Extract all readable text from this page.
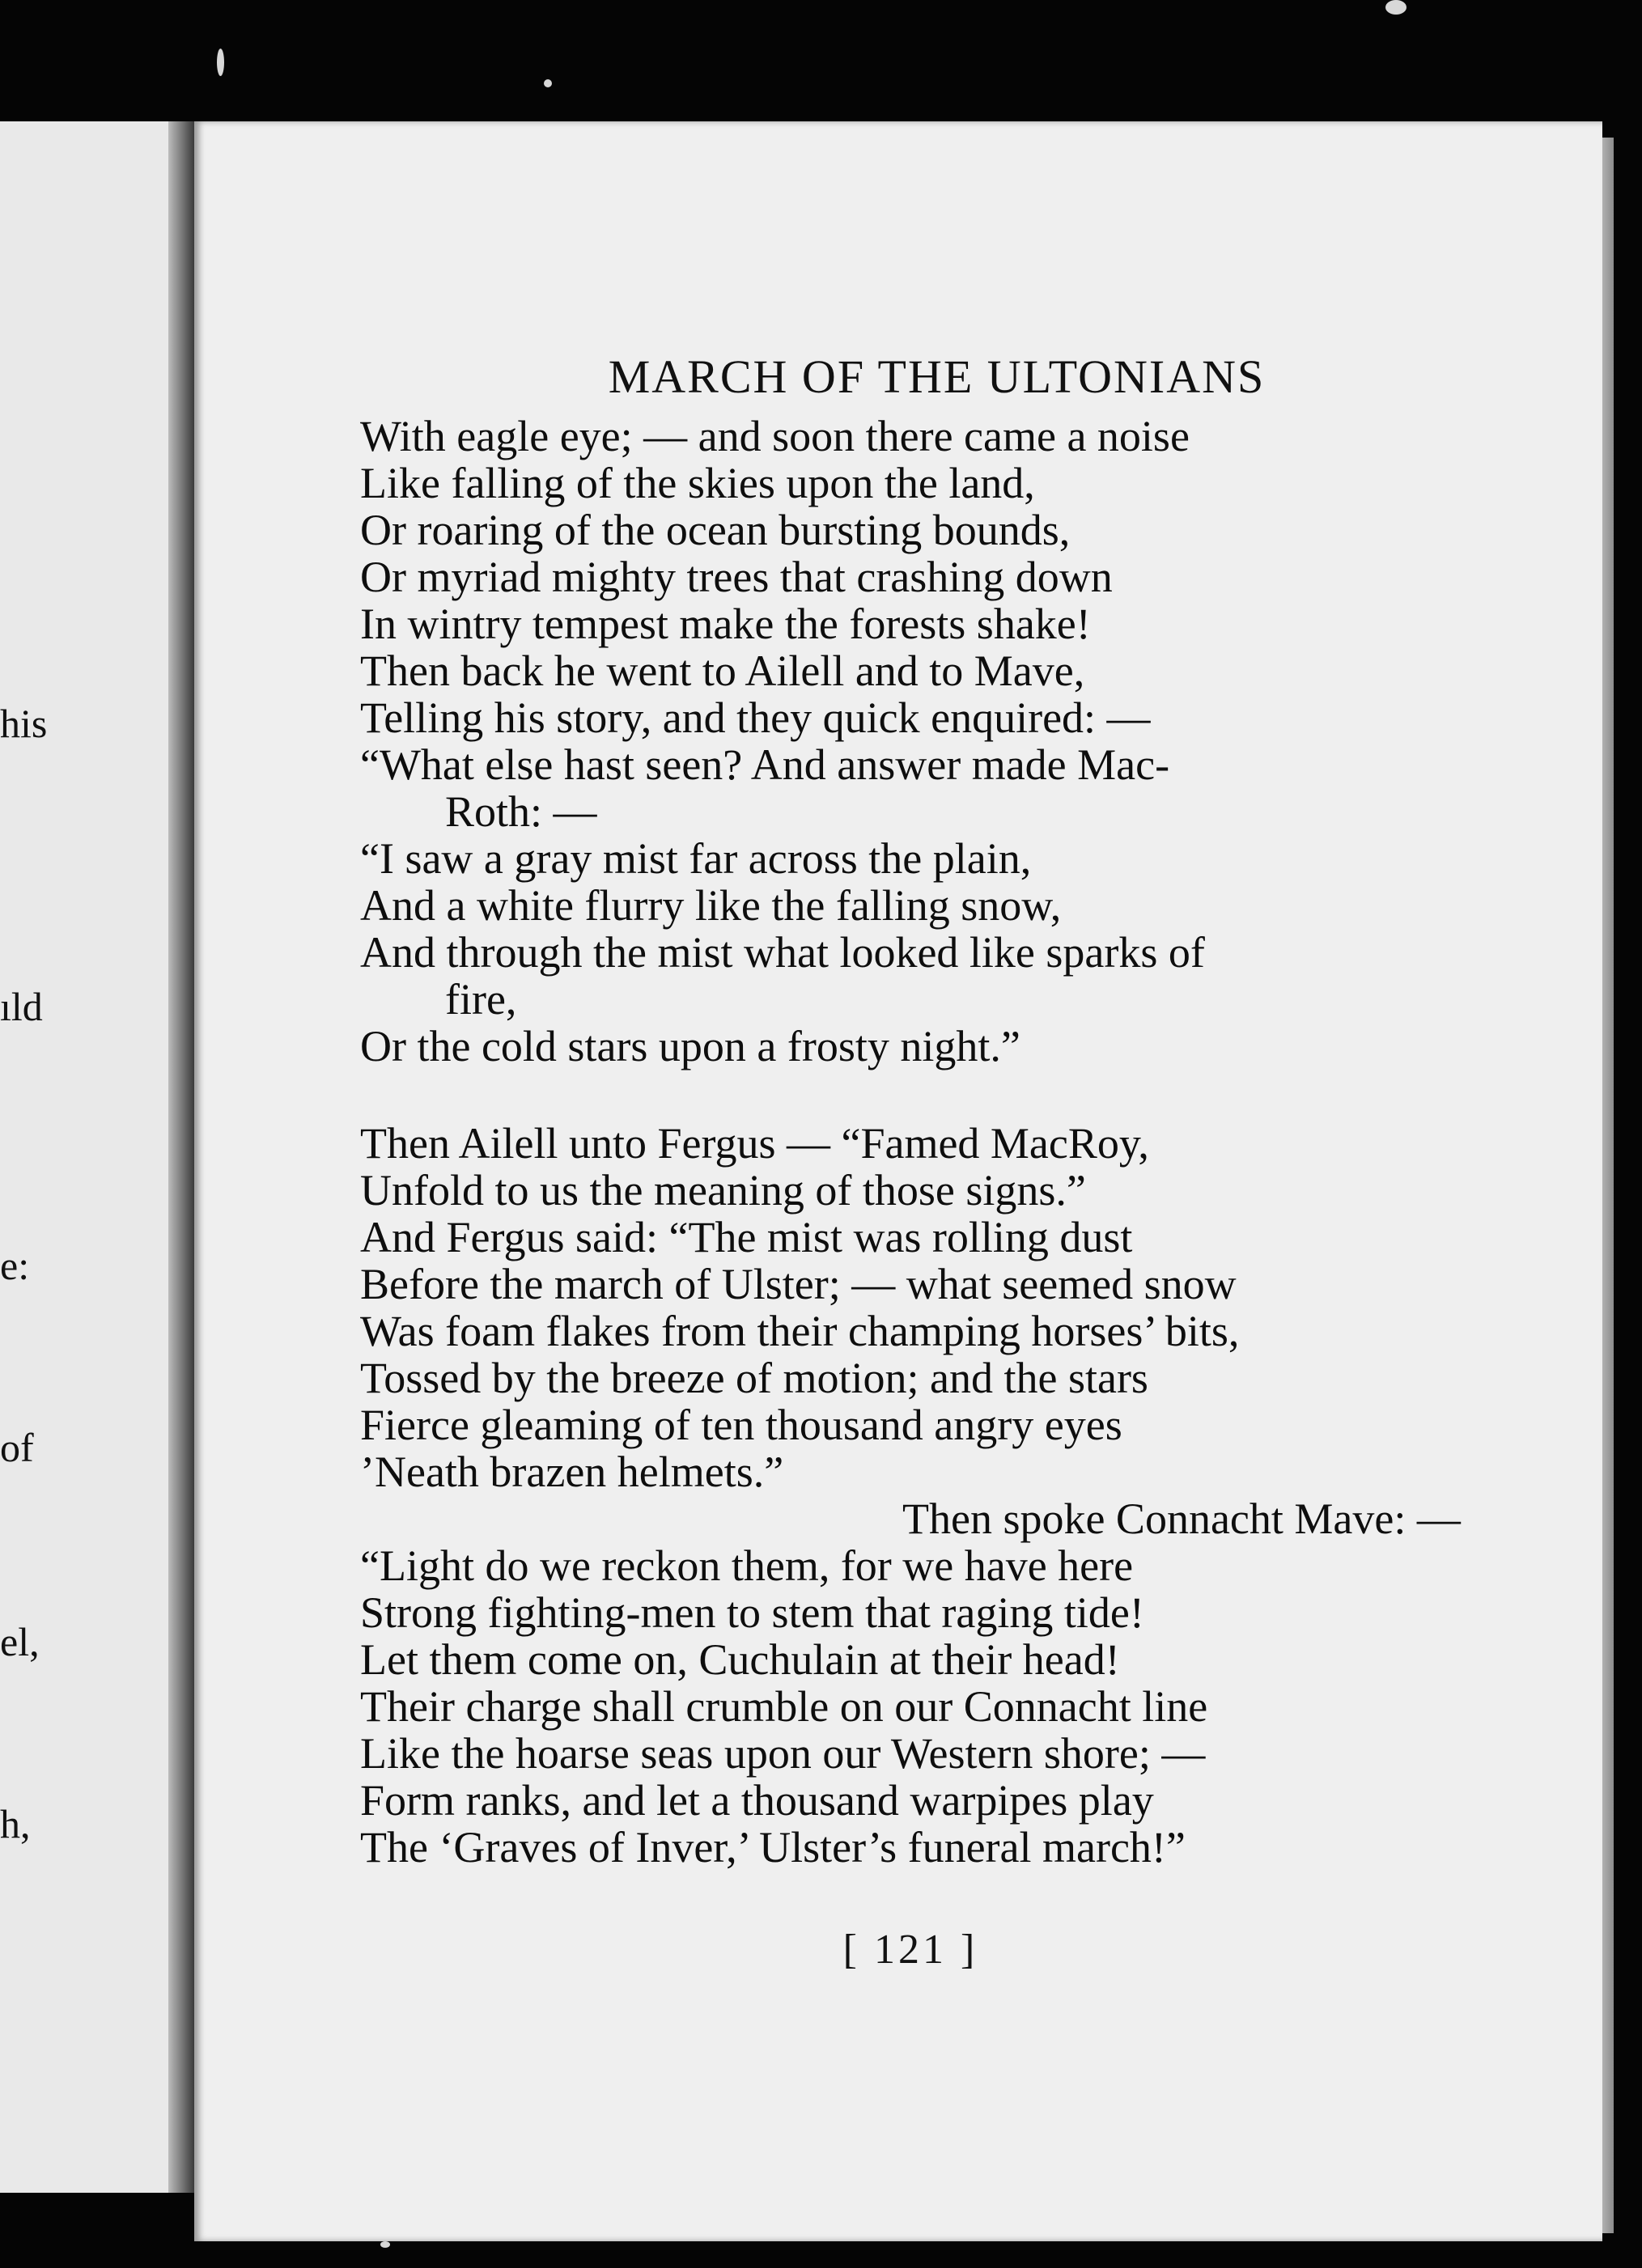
his
ıld
e:
of
el,
h,
MARCH OF THE ULTONIANS
With eagle eye; — and soon there came a noise
Like falling of the skies upon the land,
Or roaring of the ocean bursting bounds,
Or myriad mighty trees that crashing down
In wintry tempest make the forests shake!
Then back he went to Ailell and to Mave,
Telling his story, and they quick enquired: —
“What else hast seen? And answer made Mac-
Roth: —
“I saw a gray mist far across the plain,
And a white flurry like the falling snow,
And through the mist what looked like sparks of
fire,
Or the cold stars upon a frosty night.”
Then Ailell unto Fergus — “Famed MacRoy,
Unfold to us the meaning of those signs.”
And Fergus said: “The mist was rolling dust
Before the march of Ulster; — what seemed snow
Was foam flakes from their champing horses’ bits,
Tossed by the breeze of motion; and the stars
Fierce gleaming of ten thousand angry eyes
’Neath brazen helmets.”
Then spoke Connacht Mave: —
“Light do we reckon them, for we have here
Strong fighting-men to stem that raging tide!
Let them come on, Cuchulain at their head!
Their charge shall crumble on our Connacht line
Like the hoarse seas upon our Western shore; —
Form ranks, and let a thousand warpipes play
The ‘Graves of Inver,’ Ulster’s funeral march!”
[ 121 ]
